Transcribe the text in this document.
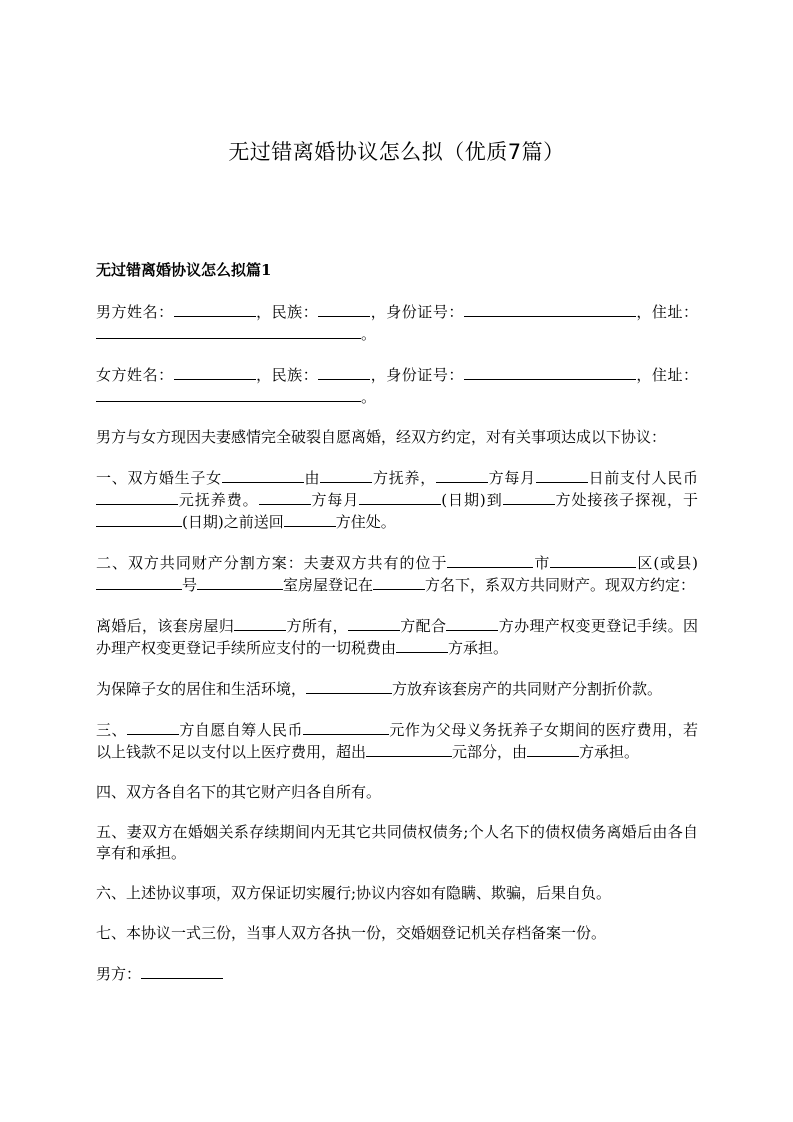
无过错离婚协议怎么拟（优质7篇）
无过错离婚协议怎么拟篇1

男方姓名：	，民族：	，身份证号：	，住址：。

女方姓名：	，民族：	，身份证号：	，住址：。

男方与女方现因夫妻感情完全破裂自愿离婚，经双方约定，对有关事项达成以下协议：

一、双方婚生子女	由	方抚养，	方每月	日前支付人民币元抚养费。	方每月	(日期)到	方处接孩子探视，于(日期)之前送回	方住处。

二、双方共同财产分割方案：夫妻双方共有的位于	市	区(或县)号	室房屋登记在	方名下，系双方共同财产。现双方约定：

离婚后，该套房屋归	方所有，	方配合	方办理产权变更登记手续。因办理产权变更登记手续所应支付的一切税费由	方承担。

为保障子女的居住和生活环境，	方放弃该套房产的共同财产分割折价款。

三、	方自愿自筹人民币	元作为父母义务抚养子女期间的医疗费用，若以上钱款不足以支付以上医疗费用，超出	元部分，由	方承担。

四、双方各自名下的其它财产归各自所有。

五、妻双方在婚姻关系存续期间内无其它共同债权债务;个人名下的债权债务离婚后由各自享有和承担。

六、上述协议事项，双方保证切实履行;协议内容如有隐瞒、欺骗，后果自负。

七、本协议一式三份，当事人双方各执一份，交婚姻登记机关存档备案一份。

男方：
